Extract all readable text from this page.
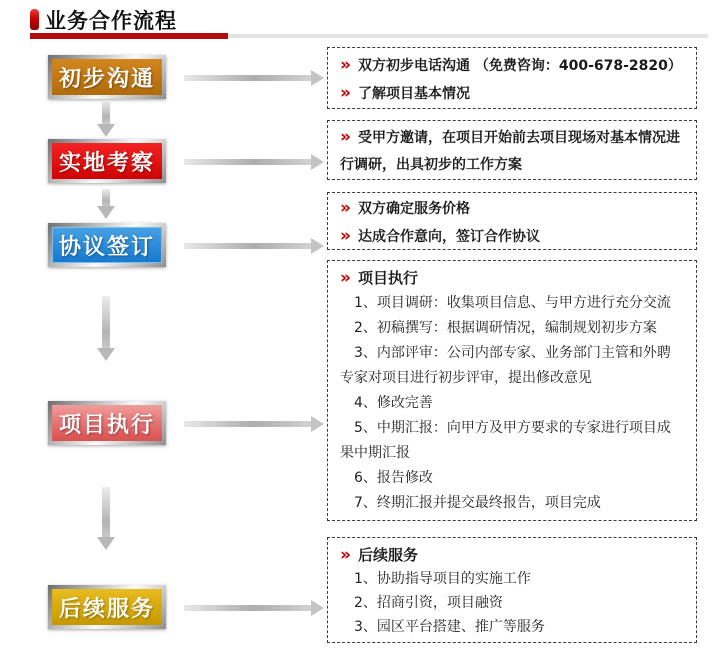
业务合作流程
初步沟通
实地考察
协议签订
项目执行
后续服务

» 双方初步电话沟通 （免费咨询：400-678-2820）

» 了解项目基本情况

» 受甲方邀请，在项目开始前去项目现场对基本情况进行调研，出具初步的工作方案

» 双方确定服务价格

» 达成合作意向，签订合作协议

» 项目执行

1、项目调研：收集项目信息、与甲方进行充分交流

2、初稿撰写：根据调研情况，编制规划初步方案

3、内部评审：公司内部专家、业务部门主管和外聘专家对项目进行初步评审，提出修改意见

4、修改完善

5、中期汇报：向甲方及甲方要求的专家进行项目成果中期汇报

6、报告修改

7、终期汇报并提交最终报告，项目完成

» 后续服务

1、协助指导项目的实施工作

2、招商引资，项目融资

3、园区平台搭建、推广等服务
